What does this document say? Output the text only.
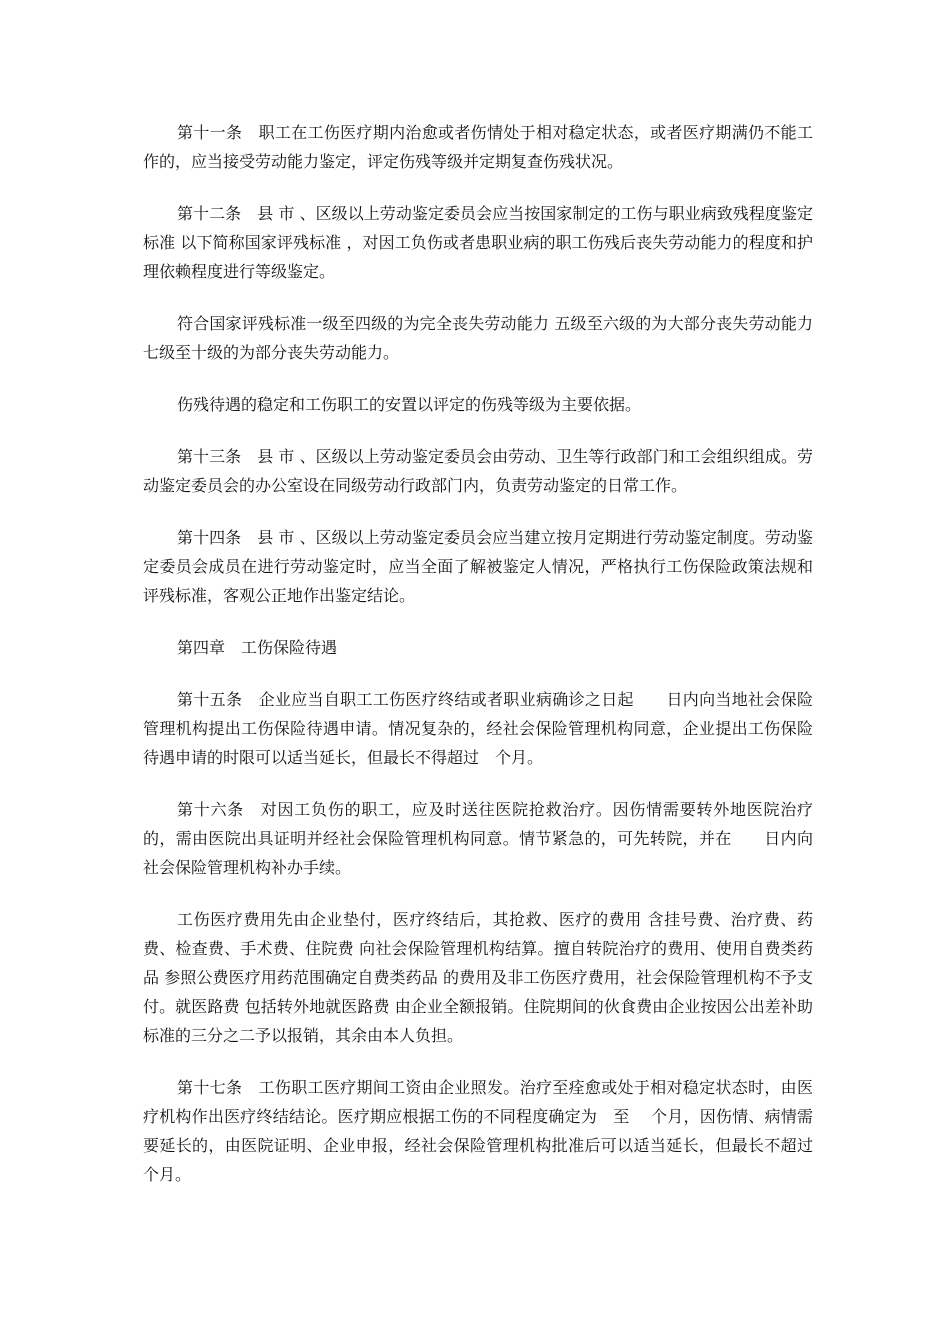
第十一条　职工在工伤医疗期内治愈或者伤情处于相对稳定状态，或者医疗期满仍不能工作的，应当接受劳动能力鉴定，评定伤残等级并定期复查伤残状况。

第十二条　县 市 、区级以上劳动鉴定委员会应当按国家制定的工伤与职业病致残程度鉴定标准 以下简称国家评残标准 ，对因工负伤或者患职业病的职工伤残后丧失劳动能力的程度和护理依赖程度进行等级鉴定。

符合国家评残标准一级至四级的为完全丧失劳动能力 五级至六级的为大部分丧失劳动能力 七级至十级的为部分丧失劳动能力。

伤残待遇的稳定和工伤职工的安置以评定的伤残等级为主要依据。

第十三条　县 市 、区级以上劳动鉴定委员会由劳动、卫生等行政部门和工会组织组成。劳动鉴定委员会的办公室设在同级劳动行政部门内，负责劳动鉴定的日常工作。

第十四条　县 市 、区级以上劳动鉴定委员会应当建立按月定期进行劳动鉴定制度。劳动鉴定委员会成员在进行劳动鉴定时，应当全面了解被鉴定人情况，严格执行工伤保险政策法规和评残标准，客观公正地作出鉴定结论。

第四章　工伤保险待遇

第十五条　企业应当自职工工伤医疗终结或者职业病确诊之日起　　日内向当地社会保险管理机构提出工伤保险待遇申请。情况复杂的，经社会保险管理机构同意，企业提出工伤保险待遇申请的时限可以适当延长，但最长不得超过　个月。

第十六条　对因工负伤的职工，应及时送往医院抢救治疗。因伤情需要转外地医院治疗的，需由医院出具证明并经社会保险管理机构同意。情节紧急的，可先转院，并在　　日内向社会保险管理机构补办手续。

工伤医疗费用先由企业垫付，医疗终结后，其抢救、医疗的费用 含挂号费、治疗费、药费、检查费、手术费、住院费 向社会保险管理机构结算。擅自转院治疗的费用、使用自费类药品 参照公费医疗用药范围确定自费类药品 的费用及非工伤医疗费用，社会保险管理机构不予支付。就医路费 包括转外地就医路费 由企业全额报销。住院期间的伙食费由企业按因公出差补助标准的三分之二予以报销，其余由本人负担。

第十七条　工伤职工医疗期间工资由企业照发。治疗至痊愈或处于相对稳定状态时，由医疗机构作出医疗终结结论。医疗期应根据工伤的不同程度确定为　至　 个月，因伤情、病情需要延长的，由医院证明、企业申报，经社会保险管理机构批准后可以适当延长，但最长不超过　 个月。
